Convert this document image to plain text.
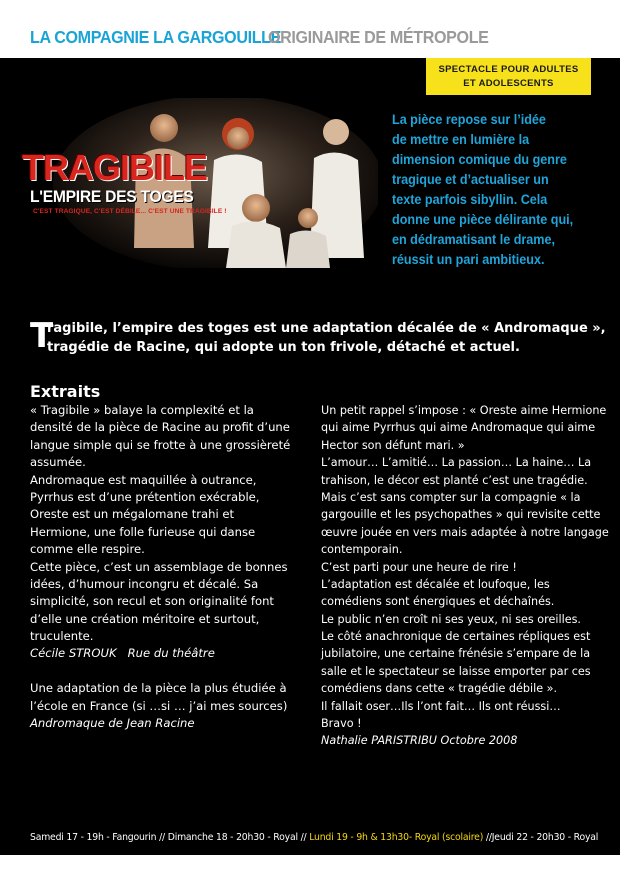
LA COMPAGNIE LA GARGOUILLE
ORIGINAIRE DE MÉTROPOLE
SPECTACLE POUR ADULTES
ET ADOLESCENTS
TRAGIBILE
L'EMPIRE DES TOGES
C'EST TRAGIQUE, C'EST DÉBILE... C'EST UNE TRAGIBILE !
La pièce repose sur l’idée
de mettre en lumière la
dimension comique du genre
tragique et d’actualiser un
texte parfois sibyllin. Cela
donne une pièce délirante qui,
en dédramatisant le drame,
réussit un pari ambitieux.
T
ragibile, l’empire des toges est une adaptation décalée de « Andromaque »,
tragédie de Racine, qui adopte un ton frivole, détaché et actuel.
Extraits
« Tragibile » balaye la complexité et la
densité de la pièce de Racine au profit d’une
langue simple qui se frotte à une grossièreté
assumée.
Andromaque est maquillée à outrance,
Pyrrhus est d’une prétention exécrable,
Oreste est un mégalomane trahi et
Hermione, une folle furieuse qui danse
comme elle respire.
Cette pièce, c’est un assemblage de bonnes
idées, d’humour incongru et décalé. Sa
simplicité, son recul et son originalité font
d’elle une création méritoire et surtout,
truculente.
Cécile STROUK   Rue du théâtre
Une adaptation de la pièce la plus étudiée à
l’école en France (si …si … j’ai mes sources)
Andromaque de Jean Racine
Un petit rappel s’impose : « Oreste aime Hermione
qui aime Pyrrhus qui aime Andromaque qui aime
Hector son défunt mari. »
L’amour… L’amitié… La passion… La haine… La
trahison, le décor est planté c’est une tragédie.
Mais c’est sans compter sur la compagnie « la
gargouille et les psychopathes » qui revisite cette
œuvre jouée en vers mais adaptée à notre langage
contemporain.
C’est parti pour une heure de rire !
L’adaptation est décalée et loufoque, les
comédiens sont énergiques et déchaînés.
Le public n’en croît ni ses yeux, ni ses oreilles.
Le côté anachronique de certaines répliques est
jubilatoire, une certaine frénésie s’empare de la
salle et le spectateur se laisse emporter par ces
comédiens dans cette « tragédie débile ».
Il fallait oser…Ils l’ont fait… Ils ont réussi…
Bravo !
Nathalie PARISTRIBU Octobre 2008
Samedi 17 - 19h - Fangourin // Dimanche 18 - 20h30 - Royal // Lundi 19 - 9h & 13h30- Royal (scolaire) //Jeudi 22 - 20h30 - Royal
